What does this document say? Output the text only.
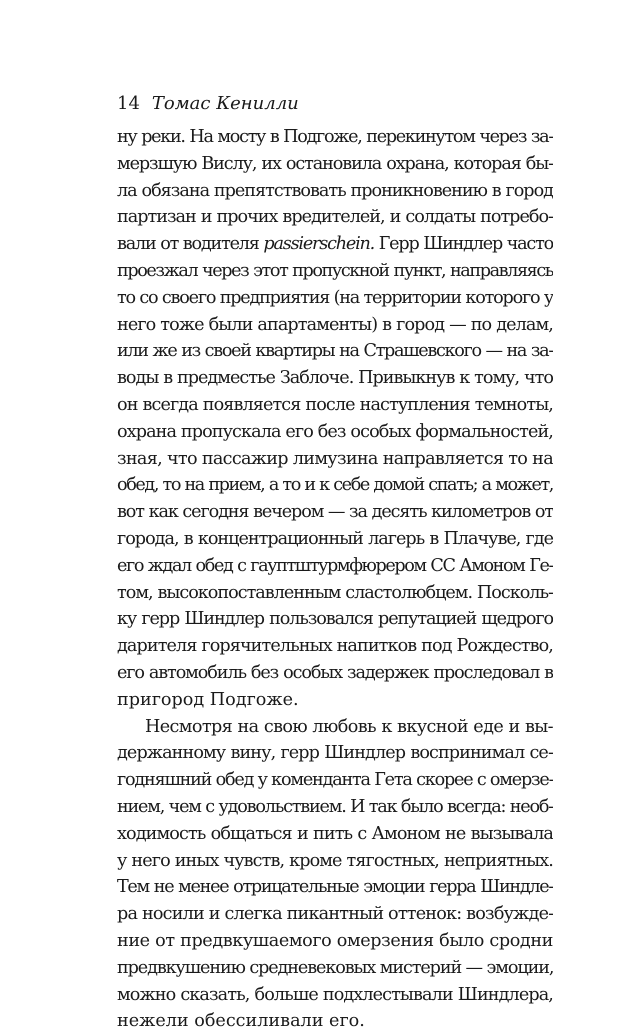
14 Томас Кенилли
ну реки. На мосту в Подгоже, перекинутом через за-
мерзшую Вислу, их остановила охрана, которая бы-
ла обязана препятствовать проникновению в город
партизан и прочих вредителей, и солдаты потребо-
вали от водителя passierschein. Герр Шиндлер часто
проезжал через этот пропускной пункт, направляясь
то со своего предприятия (на территории которого у
него тоже были апартаменты) в город — по делам,
или же из своей квартиры на Страшевского — на за-
воды в предместье Заблоче. Привыкнув к тому, что
он всегда появляется после наступления темноты,
охрана пропускала его без особых формальностей,
зная, что пассажир лимузина направляется то на
обед, то на прием, а то и к себе домой спать; а может,
вот как сегодня вечером — за десять километров от
города, в концентрационный лагерь в Плачуве, где
его ждал обед с гауптштурмфюрером СС Амоном Ге-
том, высокопоставленным сластолюбцем. Посколь-
ку герр Шиндлер пользовался репутацией щедрого
дарителя горячительных напитков под Рождество,
его автомобиль без особых задержек проследовал в
пригород Подгоже.
Несмотря на свою любовь к вкусной еде и вы-
держанному вину, герр Шиндлер воспринимал се-
годняшний обед у коменданта Гета скорее с омерзе-
нием, чем с удовольствием. И так было всегда: необ-
ходимость общаться и пить с Амоном не вызывала
у него иных чувств, кроме тягостных, неприятных.
Тем не менее отрицательные эмоции герра Шиндле-
ра носили и слегка пикантный оттенок: возбужде-
ние от предвкушаемого омерзения было сродни
предвкушению средневековых мистерий — эмоции,
можно сказать, больше подхлестывали Шиндлера,
нежели обессиливали его.
